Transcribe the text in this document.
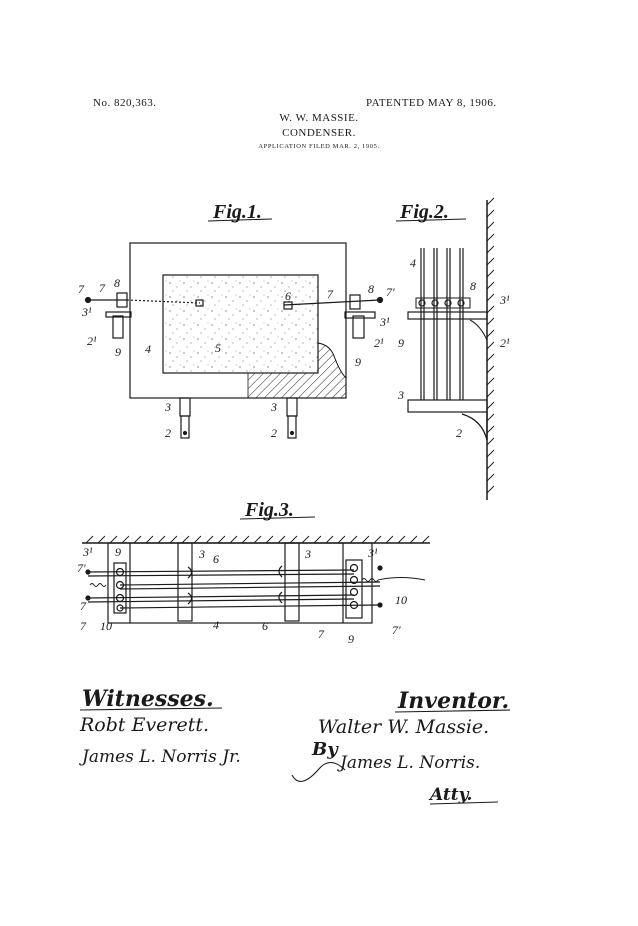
No. 820,363.	PATENTED MAY 8, 1906.
W. W. MASSIE.
CONDENSER.
APPLICATION FILED MAR. 2, 1905.
Fig.1.
7 7 8
3¹
2¹
9 4	5
6	7	8 7'
3¹
2¹
9
3
2
3
2
Fig.2.
4
8
3¹
9	2¹
3
2
Fig.3.
3¹ 9	3 6	3	3¹
7'
10
7
4	6
7 9
7'
10
7
Witnesses.
Robt Everett.
James L. Norris Jr.
Inventor.
Walter W. Massie.
By
James L. Norris.
Atty.
